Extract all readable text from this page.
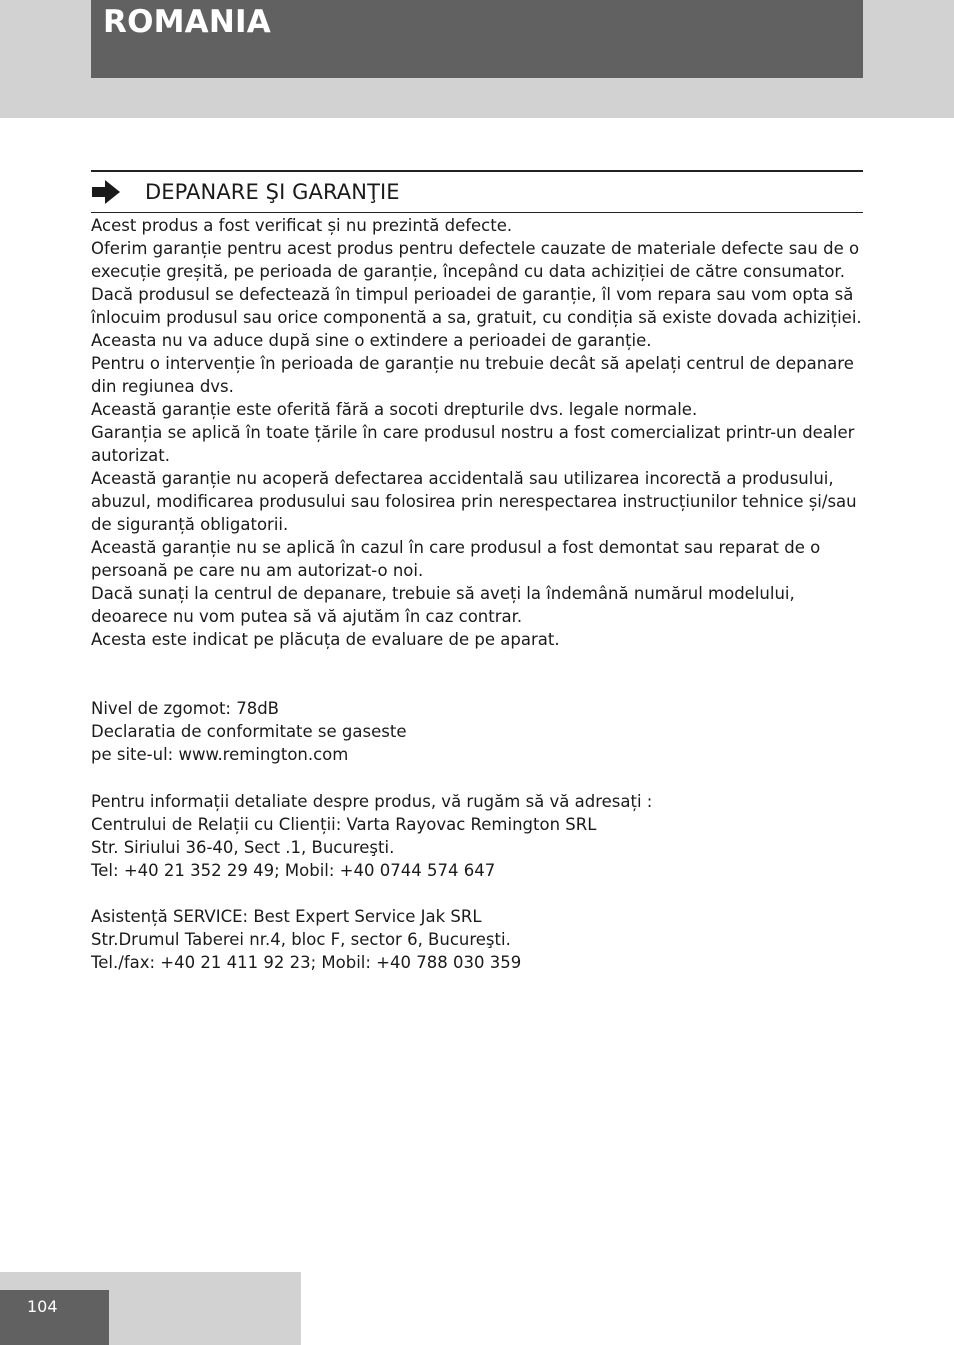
ROMANIA
DEPANARE ŞI GARANŢIE

Acest produs a fost verificat și nu prezintă defecte.

Oferim garanție pentru acest produs pentru defectele cauzate de materiale defecte sau de o execuție greșită, pe perioada de garanție, începând cu data achiziției de către consumator.

Dacă produsul se defectează în timpul perioadei de garanție, îl vom repara sau vom opta să înlocuim produsul sau orice componentă a sa, gratuit, cu condiția să existe dovada achiziției.

Aceasta nu va aduce după sine o extindere a perioadei de garanție.

Pentru o intervenție în perioada de garanție nu trebuie decât să apelați centrul de depanare din regiunea dvs.

Această garanție este oferită fără a socoti drepturile dvs. legale normale.

Garanția se aplică în toate țările în care produsul nostru a fost comercializat printr-un dealer autorizat.

Această garanție nu acoperă defectarea accidentală sau utilizarea incorectă a produsului, abuzul, modificarea produsului sau folosirea prin nerespectarea instrucțiunilor tehnice și/sau de siguranță obligatorii.

Această garanție nu se aplică în cazul în care produsul a fost demontat sau reparat de o persoană pe care nu am autorizat-o noi.

Dacă sunați la centrul de depanare, trebuie să aveți la îndemână numărul modelului, deoarece nu vom putea să vă ajutăm în caz contrar.

Acesta este indicat pe plăcuța de evaluare de pe aparat.

Nivel de zgomot: 78dB

Declaratia de conformitate se gaseste

pe site-ul: www.remington.com

Pentru informații detaliate despre produs, vă rugăm să vă adresați :

Centrului de Relații cu Clienții: Varta Rayovac Remington SRL

Str. Siriului 36-40, Sect .1, Bucureşti.

Tel: +40 21 352 29 49; Mobil: +40 0744 574 647

Asistență SERVICE: Best Expert Service Jak SRL

Str.Drumul Taberei nr.4, bloc F, sector 6, Bucureşti.

Tel./fax: +40 21 411 92 23; Mobil: +40 788 030 359

104
